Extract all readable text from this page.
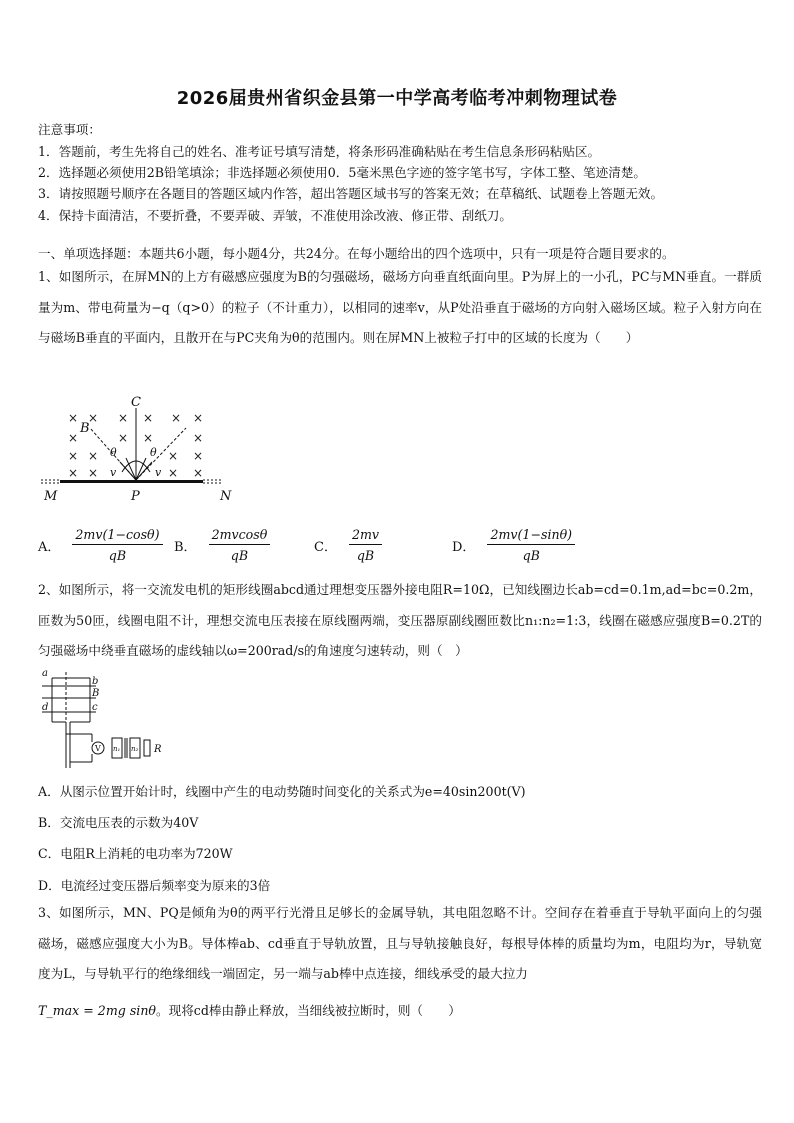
2026届贵州省织金县第一中学高考临考冲刺物理试卷
注意事项：
1．答题前，考生先将自己的姓名、准考证号填写清楚，将条形码准确粘贴在考生信息条形码粘贴区。
2．选择题必须使用2B铅笔填涂；非选择题必须使用0．5毫米黑色字迹的签字笔书写，字体工整、笔迹清楚。
3．请按照题号顺序在各题目的答题区域内作答，超出答题区域书写的答案无效；在草稿纸、试题卷上答题无效。
4．保持卡面清洁，不要折叠，不要弄破、弄皱，不准使用涂改液、修正带、刮纸刀。
一、单项选择题：本题共6小题，每小题4分，共24分。在每小题给出的四个选项中，只有一项是符合题目要求的。
1、如图所示，在屏MN的上方有磁感应强度为B的匀强磁场，磁场方向垂直纸面向里。P为屏上的一小孔，PC与MN垂直。一群质量为m、带电荷量为−q（q>0）的粒子（不计重力），以相同的速率v，从P处沿垂直于磁场的方向射入磁场区域。粒子入射方向在与磁场B垂直的平面内，且散开在与PC夹角为θ的范围内。则在屏MN上被粒子打中的区域的长度为（　　）
× × × × × ×
×	× ×	×
× ×	× ×
× ×	× ×
C
B
θ	θ
v	v
M	P	N
A． $\frac{2mv(1-\cos\theta)}{qB}$ B． $\frac{2mvcos\theta}{qB}$	C． $\frac{2mv}{qB}$	D． $\frac{2mv(1-\sin\theta)}{qB}$
2、如图所示，将一交流发电机的矩形线圈abcd通过理想变压器外接电阻R=10Ω，已知线圈边长ab=cd=0.1m,ad=bc=0.2m，匝数为50匝，线圈电阻不计，理想交流电压表接在原线圈两端，变压器原副线圈匝数比n₁:n₂=1:3，线圈在磁感应强度B=0.2T的匀强磁场中绕垂直磁场的虚线轴以ω=200rad/s的角速度匀速转动，则（　）
a
b
B
c
d
V n₁ n₂ R
A．从图示位置开始计时，线圈中产生的电动势随时间变化的关系式为e=40sin200t(V)
B．交流电压表的示数为40V
C．电阻R上消耗的电功率为720W
D．电流经过变压器后频率变为原来的3倍
3、如图所示，MN、PQ是倾角为θ的两平行光滑且足够长的金属导轨，其电阻忽略不计。空间存在着垂直于导轨平面向上的匀强磁场，磁感应强度大小为B。导体棒ab、cd垂直于导轨放置，且与导轨接触良好，每根导体棒的质量均为m，电阻均为r，导轨宽度为L，与导轨平行的绝缘细线一端固定，另一端与ab棒中点连接，细线承受的最大拉力
T_max = 2mg sinθ。现将cd棒由静止释放，当细线被拉断时，则（　　）
